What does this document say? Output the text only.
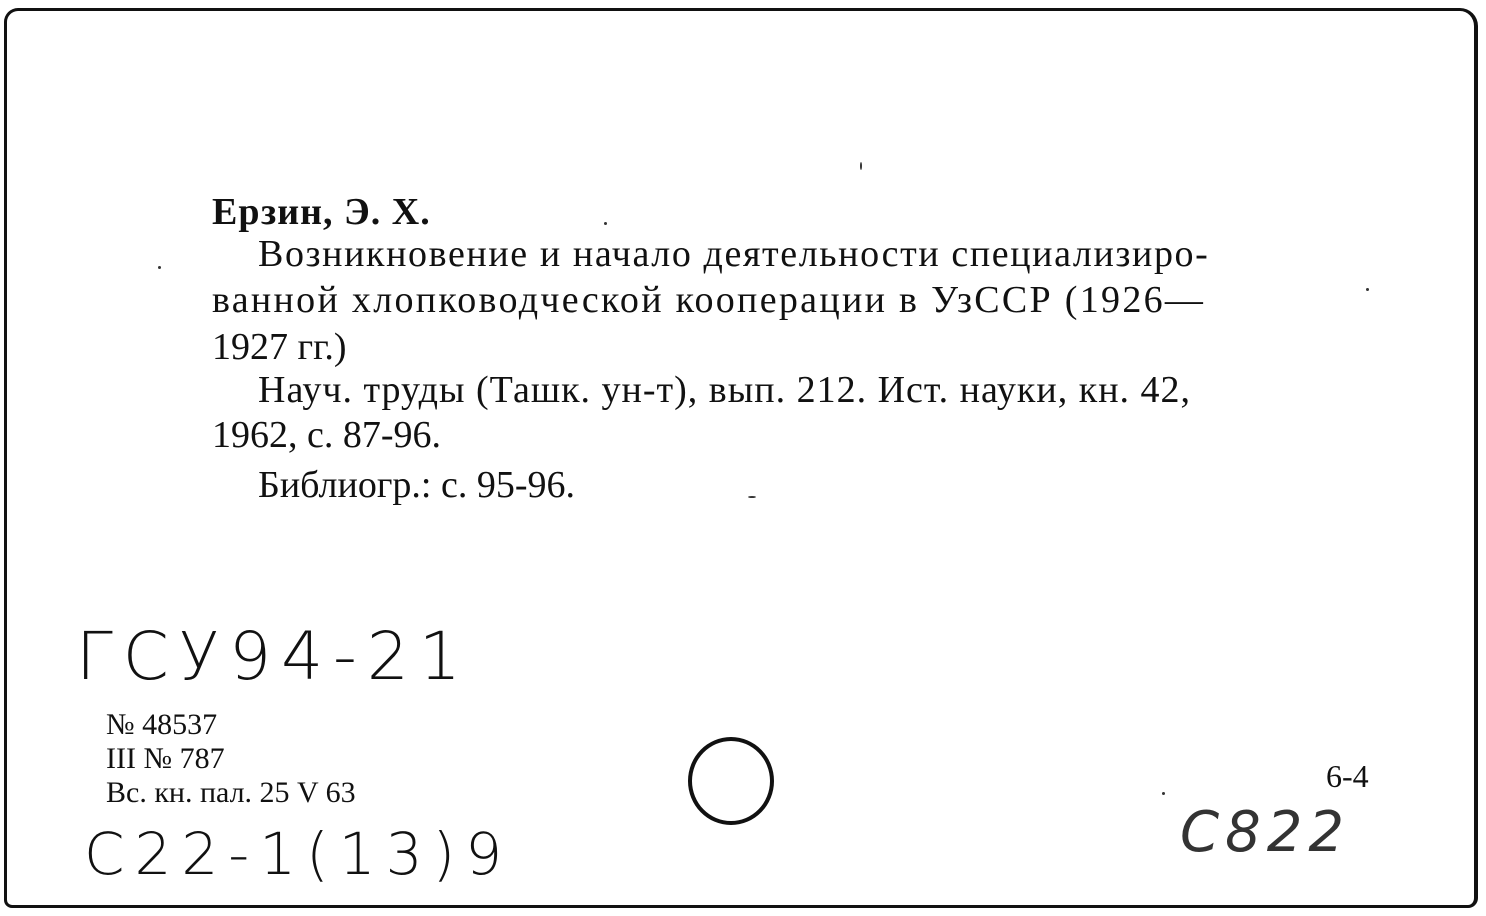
Ерзин, Э. Х.
Возникновение и начало деятельности специализиро-
ванной хлопководческой кооперации в УзССР (1926—
1927 гг.)
Науч. труды (Ташк. ун-т), вып. 212. Ист. науки, кн. 42,
1962, с. 87-96.
Библиогр.: с. 95-96.
ГСУ94-21
№ 48537
III № 787
Вс. кн. пал. 25 V 63
С22-1(13)9
6-4
С822
